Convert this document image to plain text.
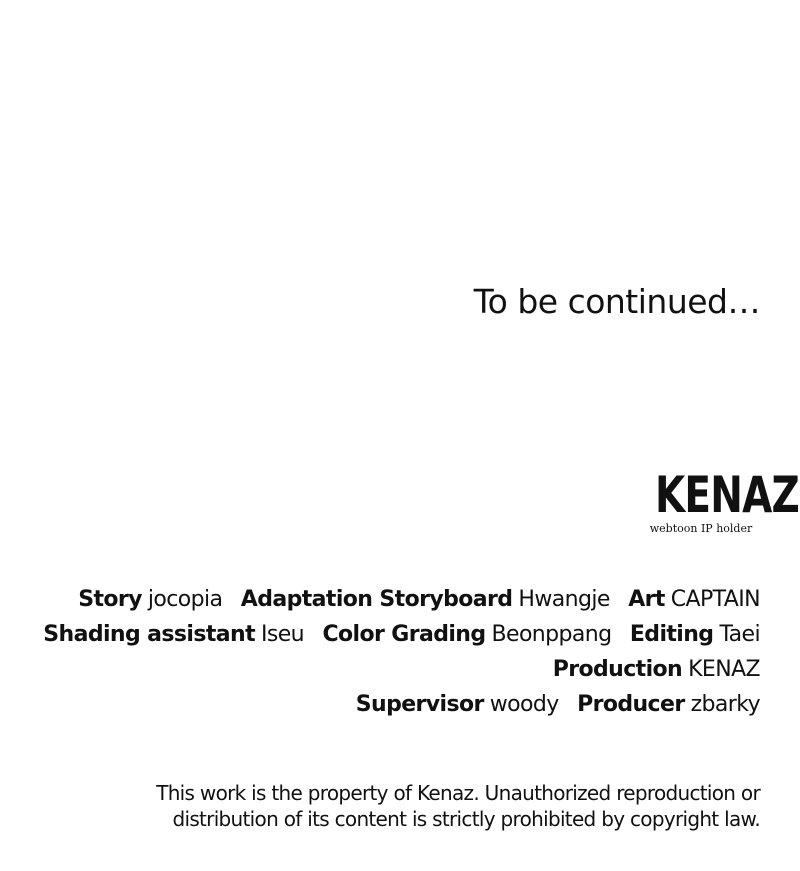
To be continued…
KENAZ
webtoon IP holder
Story jocopia Adaptation Storyboard Hwangje Art CAPTAIN
Shading assistant Iseu Color Grading Beonppang Editing Taei
Production KENAZ
Supervisor woody Producer zbarky
This work is the property of Kenaz. Unauthorized reproduction or
distribution of its content is strictly prohibited by copyright law.
